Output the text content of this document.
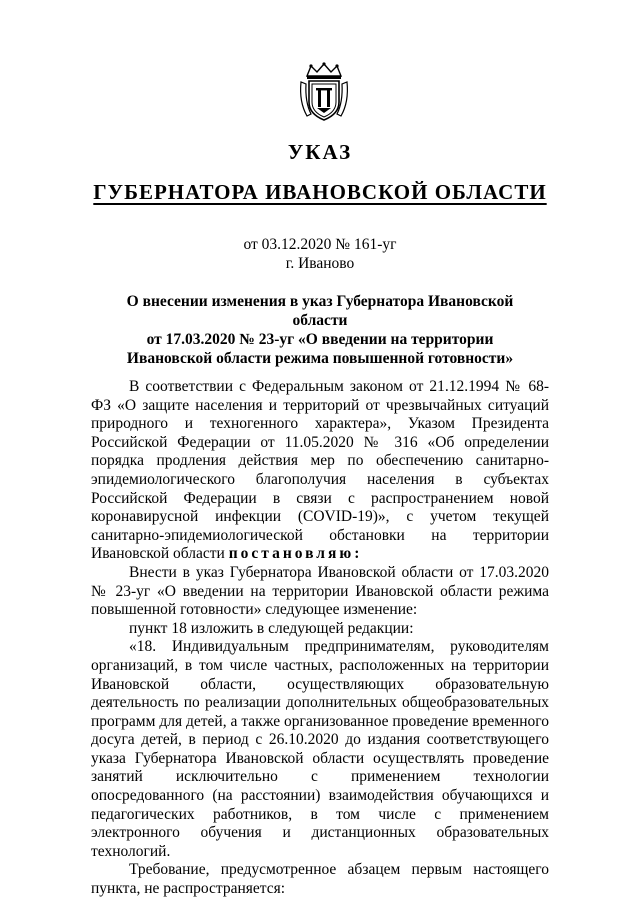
УКАЗ
ГУБЕРНАТОРА ИВАНОВСКОЙ ОБЛАСТИ
от 03.12.2020 № 161-уг
г. Иваново
О внесении изменения в указ Губернатора Ивановской области
от 17.03.2020 № 23-уг «О введении на территории
Ивановской области режима повышенной готовности»

В соответствии с Федеральным законом от 21.12.1994 № 68-ФЗ «О защите населения и территорий от чрезвычайных ситуаций природного и техногенного характера», Указом Президента Российской Федерации от 11.05.2020 № 316 «Об определении порядка продления действия мер по обеспечению санитарно-эпидемиологического благополучия населения в субъектах Российской Федерации в связи с распространением новой коронавирусной инфекции (COVID-19)», с учетом текущей санитарно-эпидемиологической обстановки на территории Ивановской области постановляю:

Внести в указ Губернатора Ивановской области от 17.03.2020 № 23-уг «О введении на территории Ивановской области режима повышенной готовности» следующее изменение:

пункт 18 изложить в следующей редакции:

«18. Индивидуальным предпринимателям, руководителям организаций, в том числе частных, расположенных на территории Ивановской области, осуществляющих образовательную деятельность по реализации дополнительных общеобразовательных программ для детей, а также организованное проведение временного досуга детей, в период с 26.10.2020 до издания соответствующего указа Губернатора Ивановской области осуществлять проведение занятий исключительно с применением технологии опосредованного (на расстоянии) взаимодействия обучающихся и педагогических работников, в том числе с применением электронного обучения и дистанционных образовательных технологий.

Требование, предусмотренное абзацем первым настоящего пункта, не распространяется:
